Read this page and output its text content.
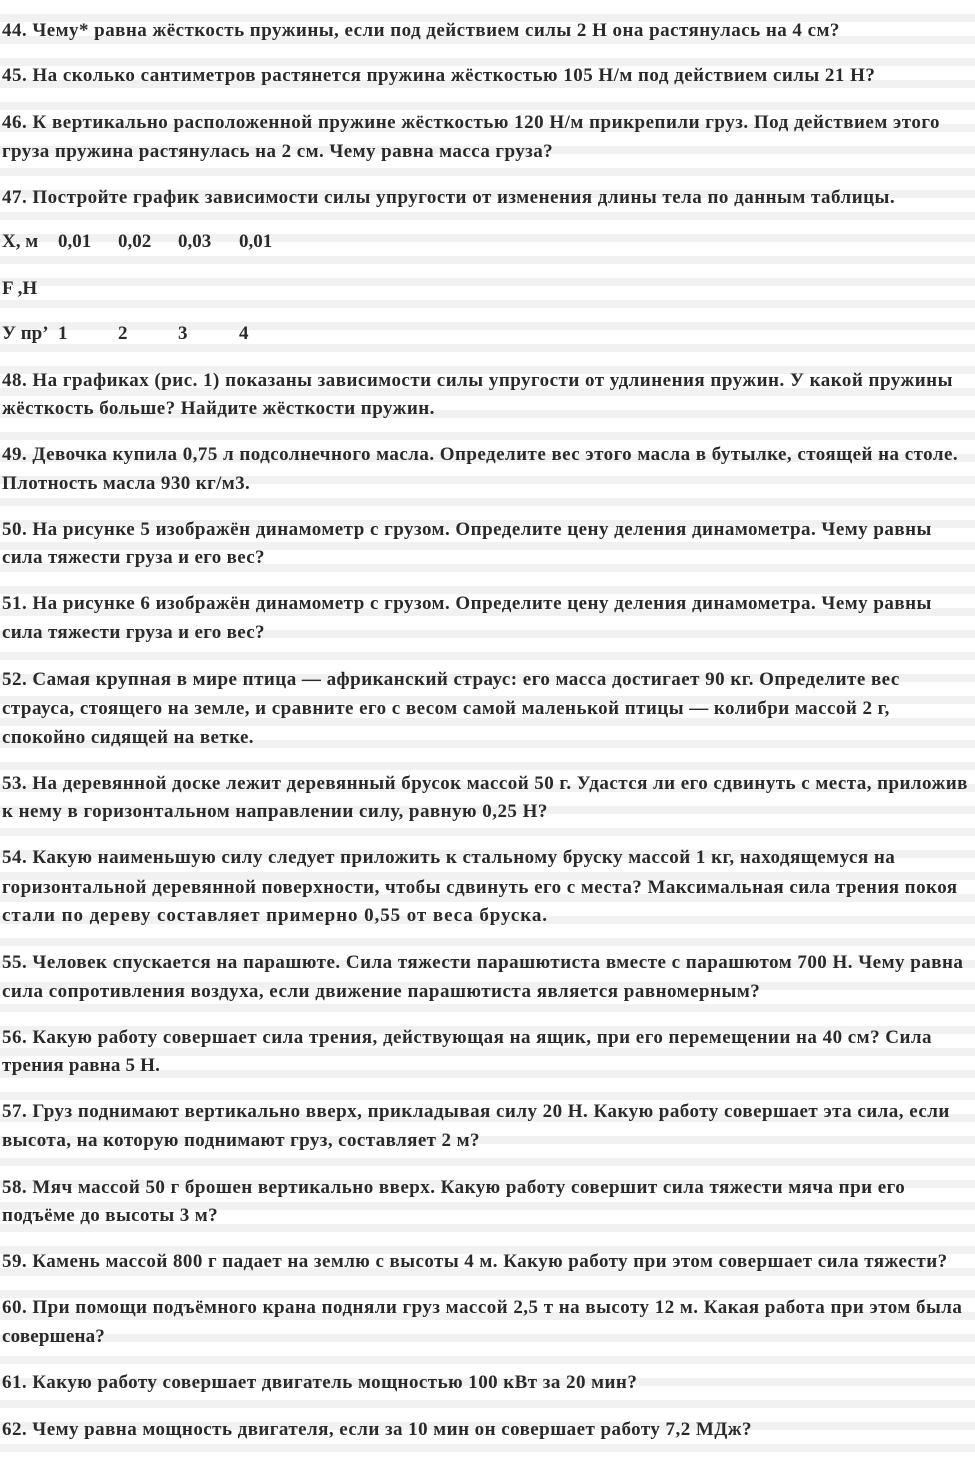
44. Чему* равна жёсткость пружины, если под действием силы 2 Н она растянулась на 4 см?
45. На сколько сантиметров растянется пружина жёсткостью 105 Н/м под действием силы 21 Н?
46. К вертикально расположенной пружине жёсткостью 120 Н/м прикрепили груз. Под действием этого
груза пружина растянулась на 2 см. Чему равна масса груза?
47. Постройте график зависимости силы упругости от изменения длины тела по данным таблицы.
48. На графиках (рис. 1) показаны зависимости силы упругости от удлинения пружин. У какой пружины
жёсткость больше? Найдите жёсткости пружин.
49. Девочка купила 0,75 л подсолнечного масла. Определите вес этого масла в бутылке, стоящей на столе.
Плотность масла 930 кг/м3.
50. На рисунке 5 изображён динамометр с грузом. Определите цену деления динамометра. Чему равны
сила тяжести груза и его вес?
51. На рисунке 6 изображён динамометр с грузом. Определите цену деления динамометра. Чему равны
сила тяжести груза и его вес?
52. Самая крупная в мире птица — африканский страус: его масса достигает 90 кг. Определите вес
страуса, стоящего на земле, и сравните его с весом самой маленькой птицы — колибри массой 2 г,
спокойно сидящей на ветке.
53. На деревянной доске лежит деревянный брусок массой 50 г. Удастся ли его сдвинуть с места, приложив
к нему в горизонтальном направлении силу, равную 0,25 Н?
54. Какую наименьшую силу следует приложить к стальному бруску массой 1 кг, находящемуся на
горизонтальной деревянной поверхности, чтобы сдвинуть его с места? Максимальная сила трения покоя
стали по дереву составляет примерно 0,55 от веса бруска.
55. Человек спускается на парашюте. Сила тяжести парашютиста вместе с парашютом 700 Н. Чему равна
сила сопротивления воздуха, если движение парашютиста является равномерным?
56. Какую работу совершает сила трения, действующая на ящик, при его перемещении на 40 см? Сила
трения равна 5 Н.
57. Груз поднимают вертикально вверх, прикладывая силу 20 Н. Какую работу совершает эта сила, если
высота, на которую поднимают груз, составляет 2 м?
58. Мяч массой 50 г брошен вертикально вверх. Какую работу совершит сила тяжести мяча при его
подъёме до высоты 3 м?
59. Камень массой 800 г падает на землю с высоты 4 м. Какую работу при этом совершает сила тяжести?
60. При помощи подъёмного крана подняли груз массой 2,5 т на высоту 12 м. Какая работа при этом была
совершена?
61. Какую работу совершает двигатель мощностью 100 кВт за 20 мин?
62. Чему равна мощность двигателя, если за 10 мин он совершает работу 7,2 МДж?
X, м 0,01 0,02 0,03 0,01
F ,Н
У пр’ 1	2	3	4
